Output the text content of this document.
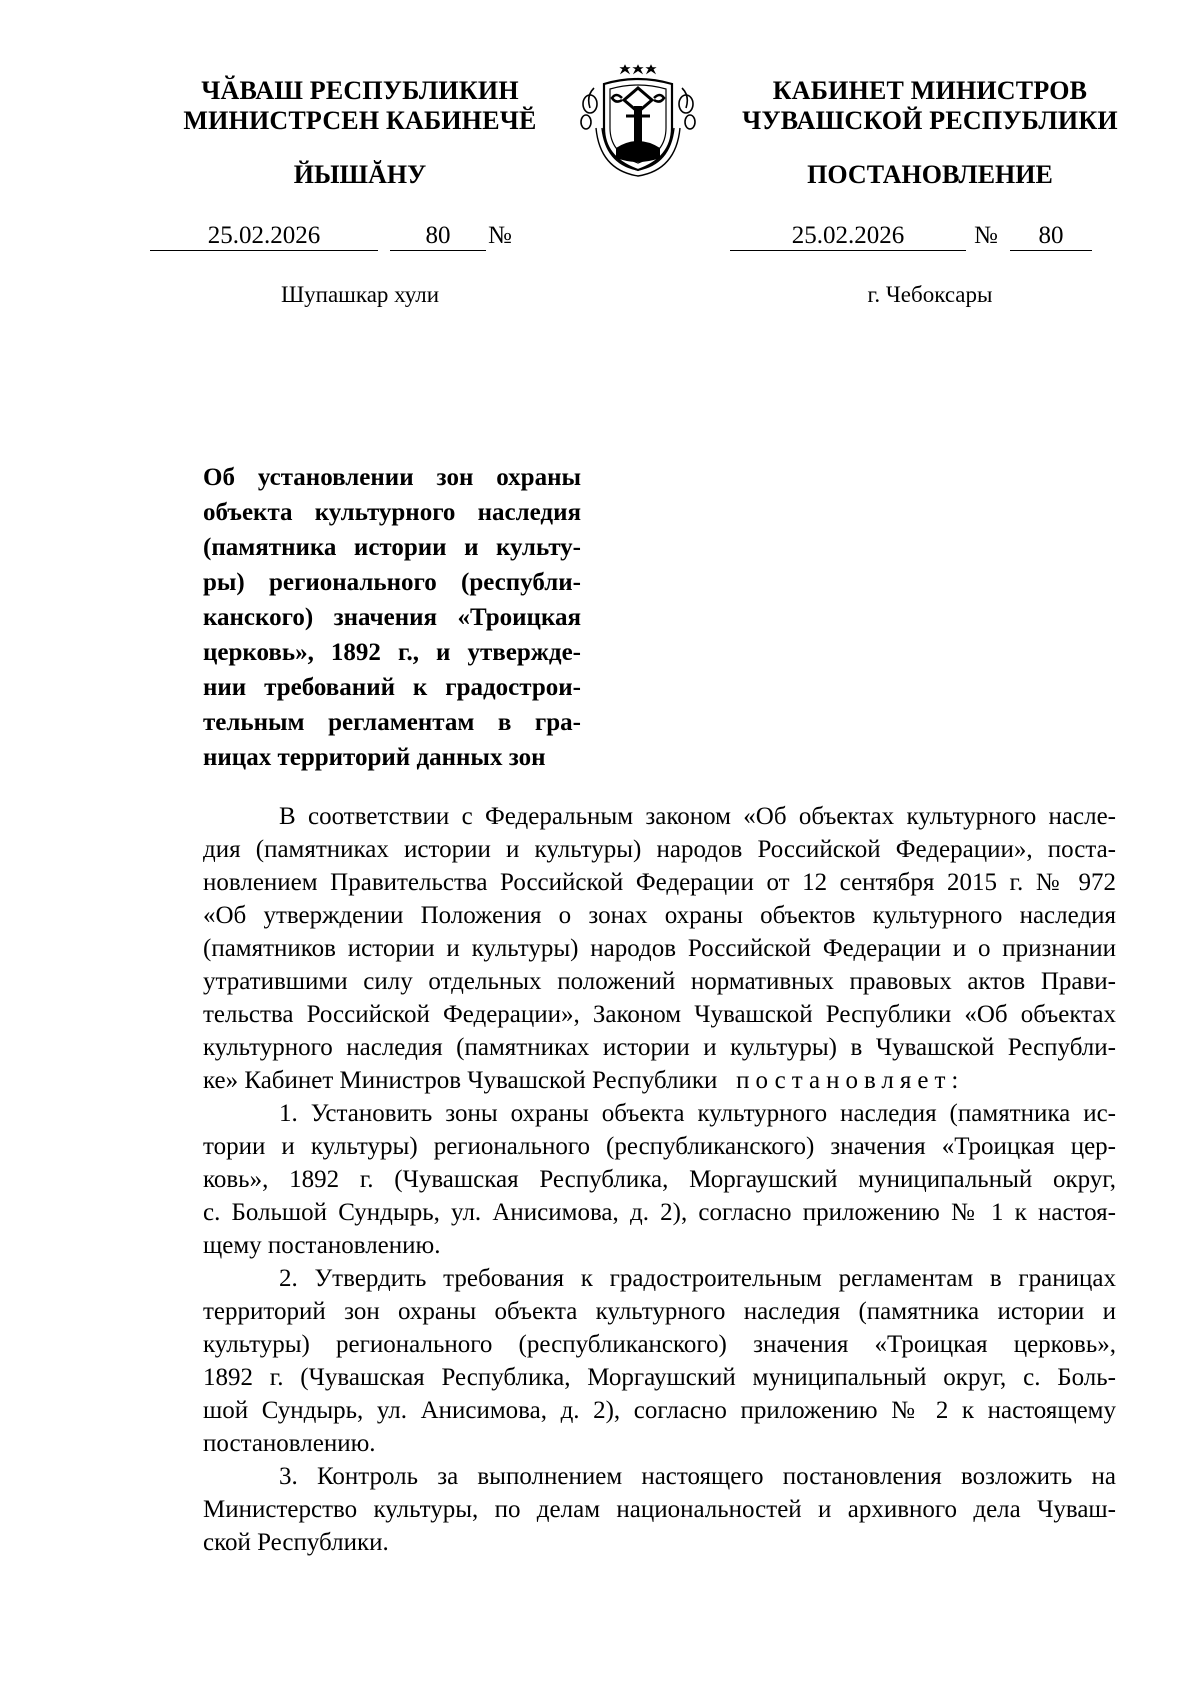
ЧӐВАШ РЕСПУБЛИКИН
МИНИСТРСЕН КАБИНЕЧӖ
ЙЫШĂНУ
КАБИНЕТ МИНИСТРОВ
ЧУВАШСКОЙ РЕСПУБЛИКИ
ПОСТАНОВЛЕНИЕ
25.02.2026	80	№	25.02.2026	№	80
Шупашкар хули	г. Чебоксары
Об установлении зон охраны
объекта культурного наследия
(памятника истории и культу-
ры) регионального (республи-
канского) значения «Троицкая
церковь», 1892 г., и утвержде-
нии требований к градострои-
тельным регламентам в гра-
ницах территорий данных зон
В соответствии с Федеральным законом «Об объектах культурного насле-
дия (памятниках истории и культуры) народов Российской Федерации», поста-
новлением Правительства Российской Федерации от 12 сентября 2015 г. № 972
«Об утверждении Положения о зонах охраны объектов культурного наследия
(памятников истории и культуры) народов Российской Федерации и о признании
утратившими силу отдельных положений нормативных правовых актов Прави-
тельства Российской Федерации», Законом Чувашской Республики «Об объектах
культурного наследия (памятниках истории и культуры) в Чувашской Республи-
ке» Кабинет Министров Чувашской Республики постановляет:
1. Установить зоны охраны объекта культурного наследия (памятника ис-
тории и культуры) регионального (республиканского) значения «Троицкая цер-
ковь», 1892 г. (Чувашская Республика, Моргаушский муниципальный округ,
с. Большой Сундырь, ул. Анисимова, д. 2), согласно приложению № 1 к настоя-
щему постановлению.
2. Утвердить требования к градостроительным регламентам в границах
территорий зон охраны объекта культурного наследия (памятника истории и
культуры) регионального (республиканского) значения «Троицкая церковь»,
1892 г. (Чувашская Республика, Моргаушский муниципальный округ, с. Боль-
шой Сундырь, ул. Анисимова, д. 2), согласно приложению № 2 к настоящему
постановлению.
3. Контроль за выполнением настоящего постановления возложить на
Министерство культуры, по делам национальностей и архивного дела Чуваш-
ской Республики.
